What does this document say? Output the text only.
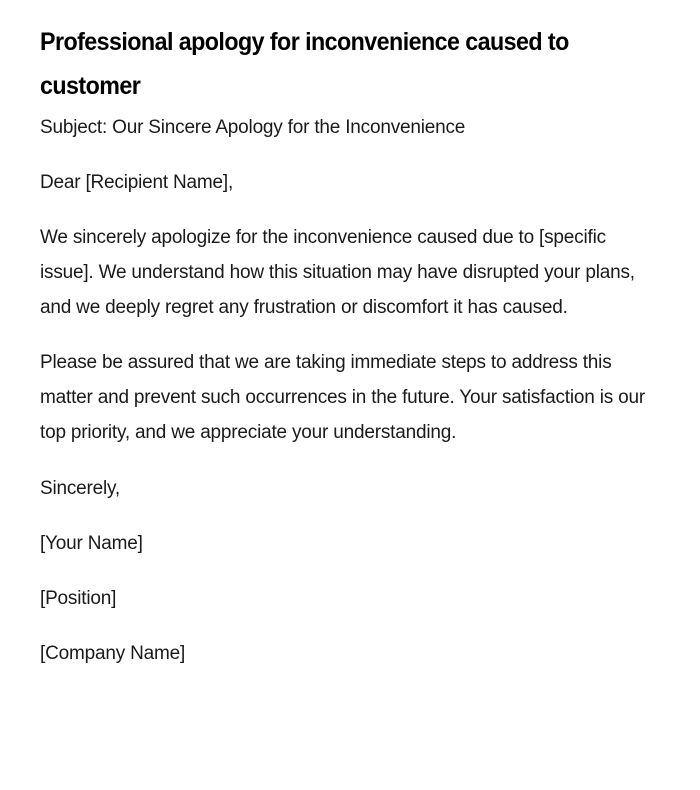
Professional apology for inconvenience caused to customer

Subject: Our Sincere Apology for the Inconvenience

Dear [Recipient Name],

We sincerely apologize for the inconvenience caused due to [specific issue]. We understand how this situation may have disrupted your plans, and we deeply regret any frustration or discomfort it has caused.

Please be assured that we are taking immediate steps to address this matter and prevent such occurrences in the future. Your satisfaction is our top priority, and we appreciate your understanding.

Sincerely,

[Your Name]

[Position]

[Company Name]
